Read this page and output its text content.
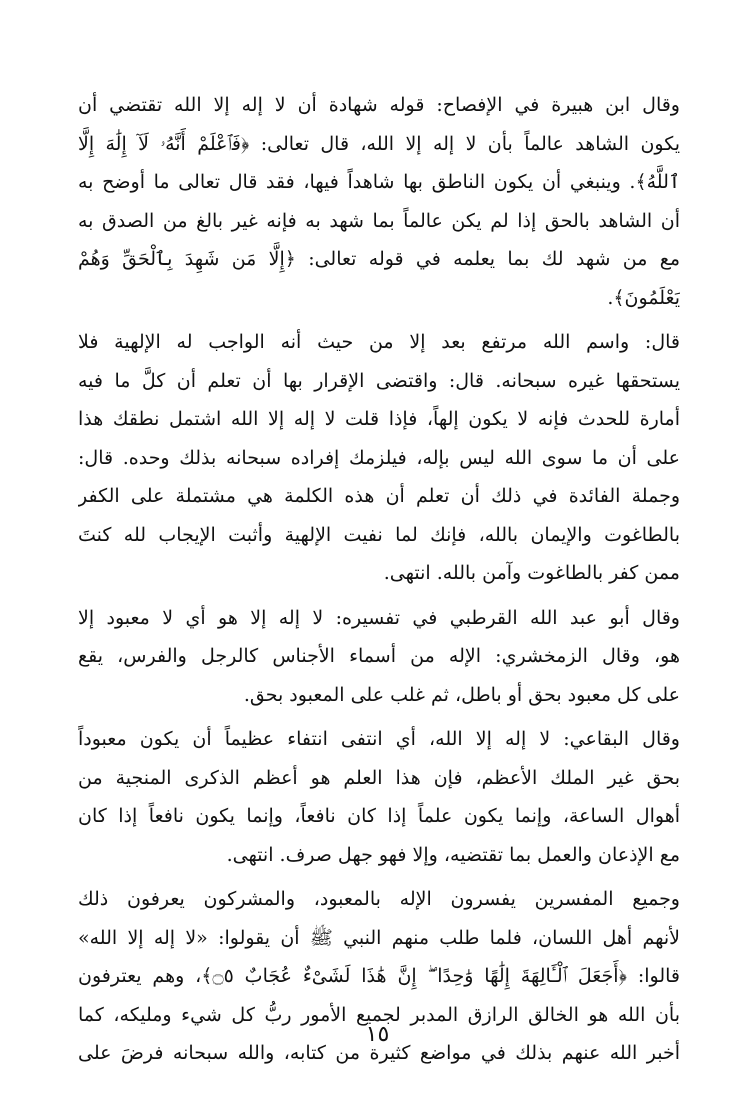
وقال ابن هبيرة في الإفصاح: قوله شهادة أن لا إله إلا الله تقتضي أن
يكون الشاهد عالماً بأن لا إله إلا الله، قال تعالى: ﴿فَٱعْلَمْ أَنَّهُۥ لَآ إِلَٰهَ إِلَّا
ٱللَّهُ﴾. وينبغي أن يكون الناطق بها شاهداً فيها، فقد قال تعالى ما أوضح به
أن الشاهد بالحق إذا لم يكن عالماً بما شهد به فإنه غير بالغ من الصدق به
مع من شهد لك بما يعلمه في قوله تعالى: ﴿إِلَّا مَن شَهِدَ بِٱلْحَقِّ وَهُمْ
يَعْلَمُونَ﴾.
قال: واسم الله مرتفع بعد إلا من حيث أنه الواجب له الإلهية فلا
يستحقها غيره سبحانه. قال: واقتضى الإقرار بها أن تعلم أن كلَّ ما فيه
أمارة للحدث فإنه لا يكون إلهاً، فإذا قلت لا إله إلا الله اشتمل نطقك هذا
على أن ما سوى الله ليس بإله، فيلزمك إفراده سبحانه بذلك وحده. قال:
وجملة الفائدة في ذلك أن تعلم أن هذه الكلمة هي مشتملة على الكفر
بالطاغوت والإيمان بالله، فإنك لما نفيت الإلهية وأثبت الإيجاب لله كنتَ
ممن كفر بالطاغوت وآمن بالله. انتهى.
وقال أبو عبد الله القرطبي في تفسيره: لا إله إلا هو أي لا معبود إلا
هو، وقال الزمخشري: الإله من أسماء الأجناس كالرجل والفرس، يقع
على كل معبود بحق أو باطل، ثم غلب على المعبود بحق.
وقال البقاعي: لا إله إلا الله، أي انتفى انتفاء عظيماً أن يكون معبوداً
بحق غير الملك الأعظم، فإن هذا العلم هو أعظم الذكرى المنجية من
أهوال الساعة، وإنما يكون علماً إذا كان نافعاً، وإنما يكون نافعاً إذا كان
مع الإذعان والعمل بما تقتضيه، وإلا فهو جهل صرف. انتهى.
وجميع المفسرين يفسرون الإله بالمعبود، والمشركون يعرفون ذلك
لأنهم أهل اللسان، فلما طلب منهم النبي ﷺ أن يقولوا: «لا إله إلا الله»
قالوا: ﴿أَجَعَلَ ٱلْـَٔالِهَةَ إِلَٰهًا وَٰحِدًا ۖ إِنَّ هَٰذَا لَشَىْءٌ عُجَابٌ ۝٥﴾، وهم يعترفون
بأن الله هو الخالق الرازق المدبر لجميع الأمور ربُّ كل شيء ومليكه، كما
أخبر الله عنهم بذلك في مواضع كثيرة من كتابه، والله سبحانه فرضَ على
١٥
